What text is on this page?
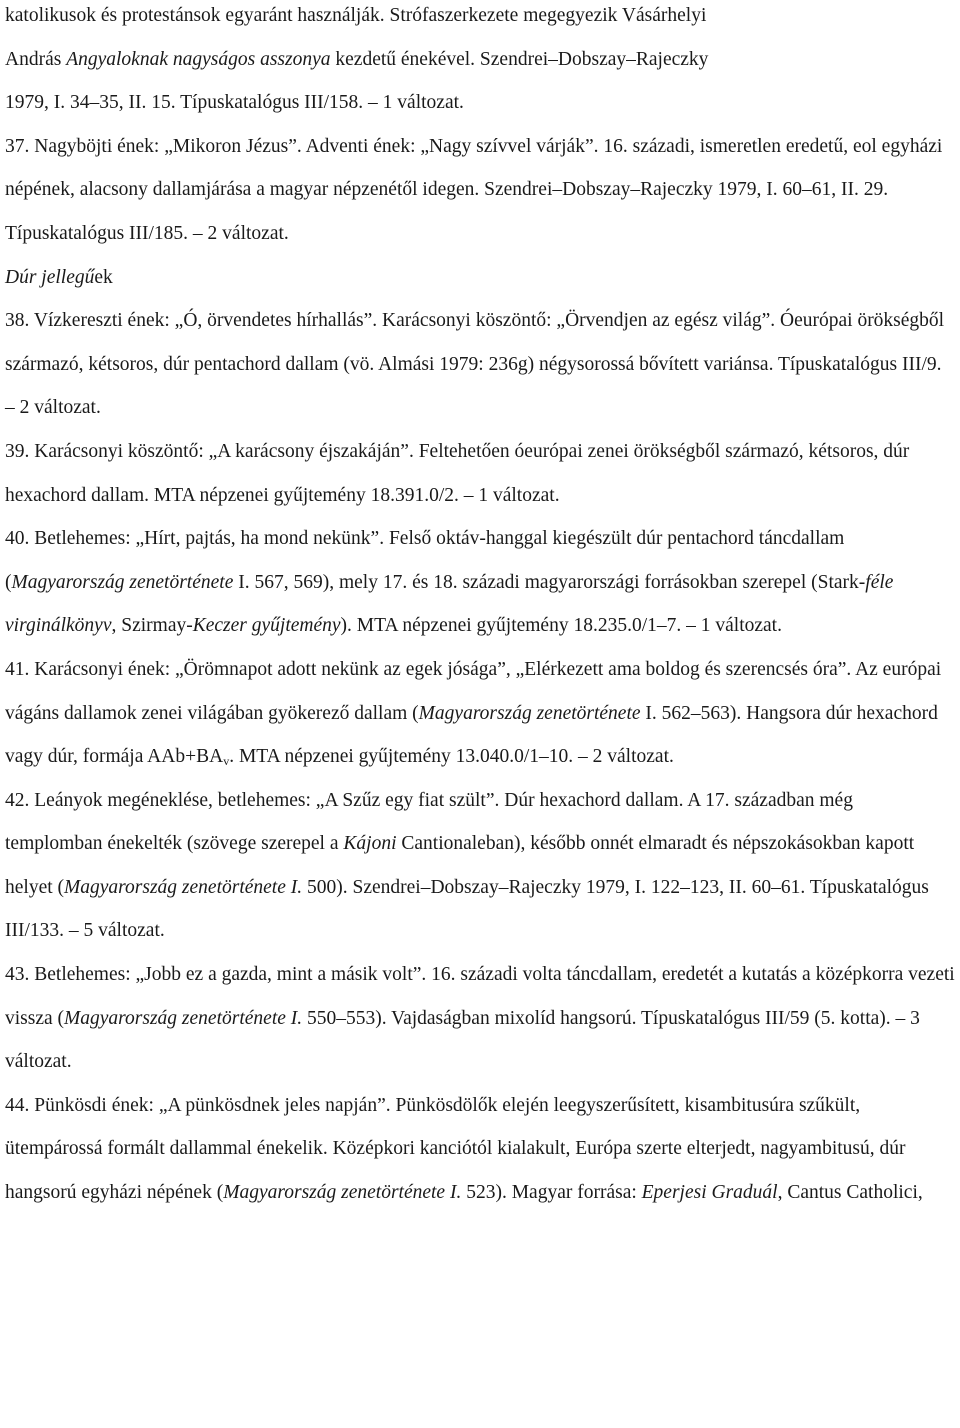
katolikusok és protestánsok egyaránt használják. Strófaszerkezete megegyezik Vásárhelyi
András Angyaloknak nagyságos asszonya kezdetű énekével. Szendrei–Dobszay–Rajeczky
1979, I. 34–35, II. 15. Típuskatalógus III/158. – 1 változat.

37. Nagyböjti ének: „Mikoron Jézus”. Adventi ének: „Nagy szívvel várják”. 16. századi, ismeretlen eredetű, eol egyházi népének, alacsony dallamjárása a magyar népzenétől idegen. Szendrei–Dobszay–Rajeczky 1979, I. 60–61, II. 29. Típuskatalógus III/185. – 2 változat.
Dúr jellegűek

38. Vízkereszti ének: „Ó, örvendetes hírhallás”. Karácsonyi köszöntő: „Örvendjen az egész világ”. Óeurópai örökségből származó, kétsoros, dúr pentachord dallam (vö. Almási 1979: 236g) négysorossá bővített variánsa. Típuskatalógus III/9. – 2 változat.

39. Karácsonyi köszöntő: „A karácsony éjszakáján”. Feltehetően óeurópai zenei örökségből származó, kétsoros, dúr hexachord dallam. MTA népzenei gyűjtemény 18.391.0/2. – 1 változat.

40. Betlehemes: „Hírt, pajtás, ha mond nekünk”. Felső oktáv-hanggal kiegészült dúr pentachord táncdallam (Magyarország zenetörténete I. 567, 569), mely 17. és 18. századi magyarországi forrásokban szerepel (Stark-féle virginálkönyv, Szirmay-Keczer gyűjtemény). MTA népzenei gyűjtemény 18.235.0/1–7. – 1 változat.

41. Karácsonyi ének: „Örömnapot adott nekünk az egek jósága”, „Elérkezett ama boldog és szerencsés óra”. Az európai vágáns dallamok zenei világában gyökerező dallam (Magyarország zenetörténete I. 562–563). Hangsora dúr hexachord vagy dúr, formája $AAb+BA_v$. MTA népzenei gyűjtemény 13.040.0/1–10. – 2 változat.

42. Leányok megéneklése, betlehemes: „A Szűz egy fiat szült”. Dúr hexachord dallam. A 17. században még templomban énekelték (szövege szerepel a Kájoni Cantionaleban), később onnét elmaradt és népszokásokban kapott helyet (Magyarország zenetörténete I. 500). Szendrei–Dobszay–Rajeczky 1979, I. 122–123, II. 60–61. Típuskatalógus III/133. – 5 változat.

43. Betlehemes: „Jobb ez a gazda, mint a másik volt”. 16. századi volta táncdallam, eredetét a kutatás a középkorra vezeti vissza (Magyarország zenetörténete I. 550–553). Vajdaságban mixolíd hangsorú. Típuskatalógus III/59 (5. kotta). – 3 változat.

44. Pünkösdi ének: „A pünkösdnek jeles napján”. Pünkösdölők elején leegyszerűsített, kisambitusúra szűkült, ütempárossá formált dallammal énekelik. Középkori kanciótól kialakult, Európa szerte elterjedt, nagyambitusú, dúr hangsorú egyházi népének (Magyarország zenetörténete I. 523). Magyar forrása: Eperjesi Graduál, Cantus Catholici,
